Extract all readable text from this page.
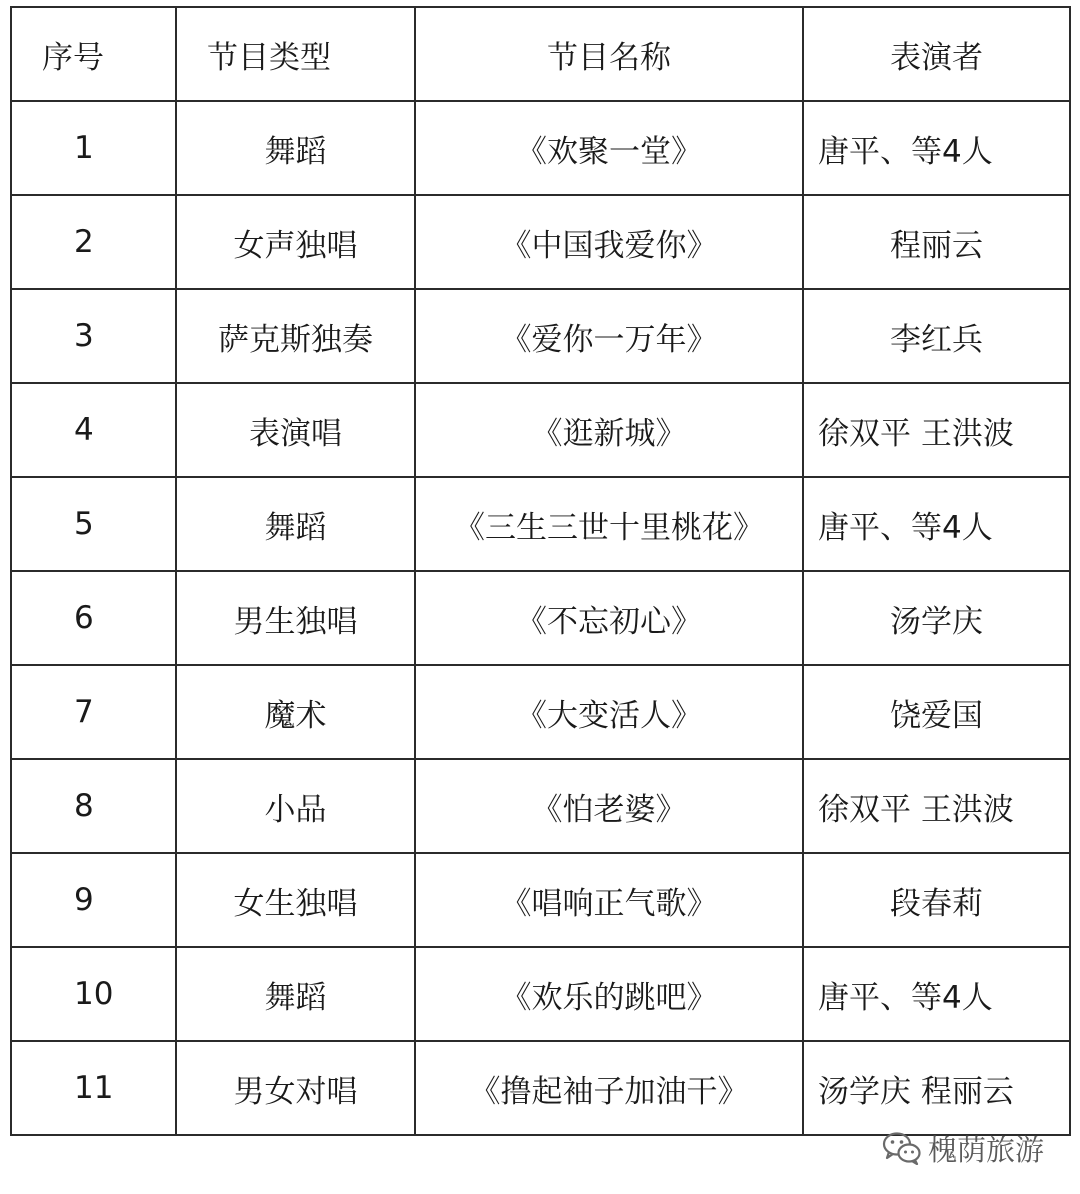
序号	节目类型	节目名称	表演者
1	舞蹈	《欢聚一堂》	唐平、等4人
2	女声独唱	《中国我爱你》	程丽云
3	萨克斯独奏	《爱你一万年》	李红兵
4	表演唱	《逛新城》	徐双平 王洪波
5	舞蹈	《三生三世十里桃花》	唐平、等4人
6	男生独唱	《不忘初心》	汤学庆
7	魔术	《大变活人》	饶爱国
8	小品	《怕老婆》	徐双平 王洪波
9	女生独唱	《唱响正气歌》	段春莉
10	舞蹈	《欢乐的跳吧》	唐平、等4人
11	男女对唱	《撸起袖子加油干》	汤学庆 程丽云
槐荫旅游
